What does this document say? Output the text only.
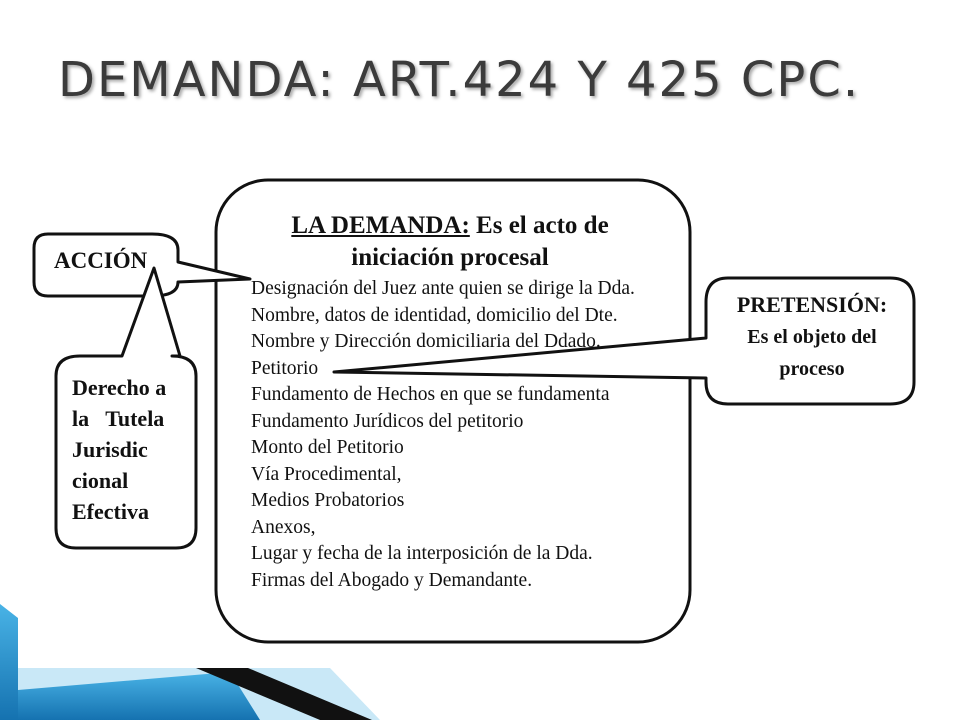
DEMANDA: ART.424 Y 425 CPC.
LA DEMANDA: Es el acto de
iniciación procesal
Designación del Juez ante quien se dirige la Dda.
Nombre, datos de identidad, domicilio del Dte.
Nombre y Dirección domiciliaria del Ddado.
Petitorio
Fundamento de Hechos en que se fundamenta
Fundamento Jurídicos del petitorio
Monto del Petitorio
Vía Procedimental,
Medios Probatorios
Anexos,
Lugar y fecha de la interposición de la Dda.
Firmas del Abogado y Demandante.
ACCIÓN
Derecho a
la   Tutela
Jurisdic
cional
Efectiva
PRETENSIÓN:
Es el objeto del
proceso
